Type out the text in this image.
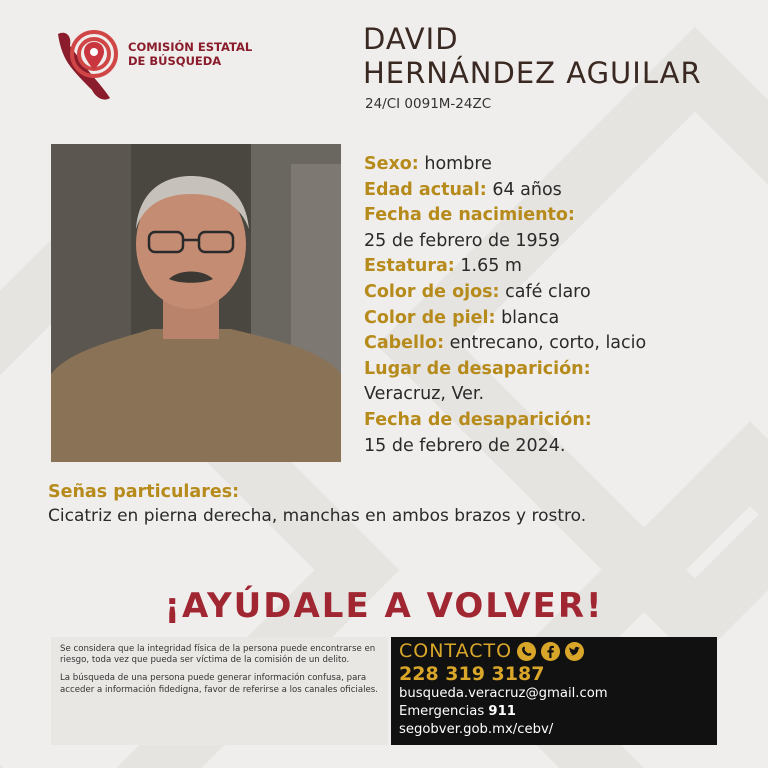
COMISIÓN ESTATAL
DE BÚSQUEDA
DAVID
HERNÁNDEZ AGUILAR
24/CI 0091M-24ZC
Sexo: hombre
Edad actual: 64 años
Fecha de nacimiento:
25 de febrero de 1959
Estatura: 1.65 m
Color de ojos: café claro
Color de piel: blanca
Cabello: entrecano, corto, lacio
Lugar de desaparición:
Veracruz, Ver.
Fecha de desaparición:
15 de febrero de 2024.
Señas particulares:
Cicatriz en pierna derecha, manchas en ambos brazos y rostro.
¡AYÚDALE A VOLVER!

Se considera que la integridad física de la persona puede encontrarse en riesgo, toda vez que pueda ser víctima de la comisión de un delito.

La búsqueda de una persona puede generar información confusa, para acceder a información fidedigna, favor de referirse a los canales oficiales.

CONTACTO
228 319 3187
busqueda.veracruz@gmail.com
Emergencias 911
segobver.gob.mx/cebv/
